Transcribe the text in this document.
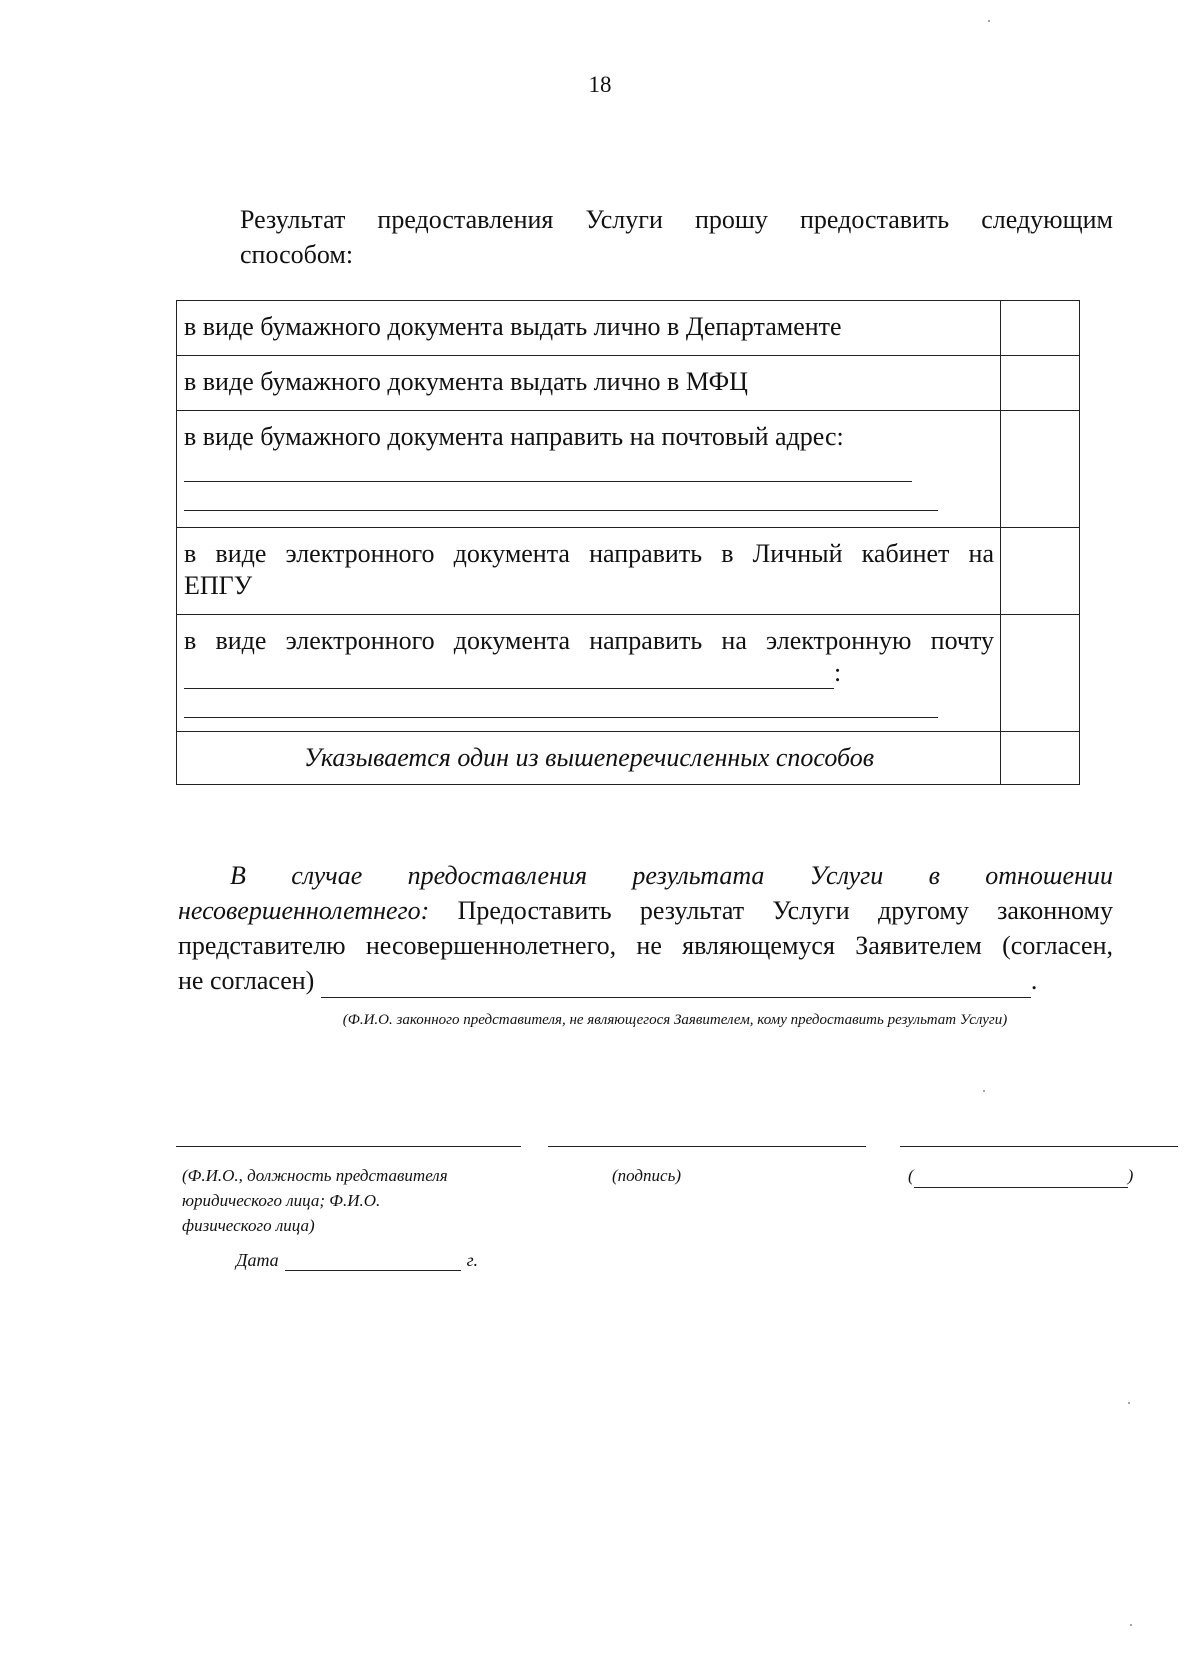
18
Результат предоставления Услуги прошу предоставить следующим
способом:
в виде бумажного документа выдать лично в Департаменте	

в виде бумажного документа выдать лично в МФЦ	

в виде бумажного документа направить на почтовый адрес:	

в виде электронного документа направить в Личный кабинет на
ЕПГУ	

в виде электронного документа направить на электронную почту
:	

Указывается один из вышеперечисленных способов	
В случае предоставления результата Услуги в отношении
несовершеннолетнего: Предоставить результат Услуги другому законному
представителю несовершеннолетнего, не являющемуся Заявителем (согласен,
не согласен)	.
(Ф.И.О. законного представителя, не являющегося Заявителем, кому предоставить результат Услуги)
(Ф.И.О., должность представителя
юридического лица; Ф.И.О.
физического лица)
(подпись)	(	)
Дата	г.
